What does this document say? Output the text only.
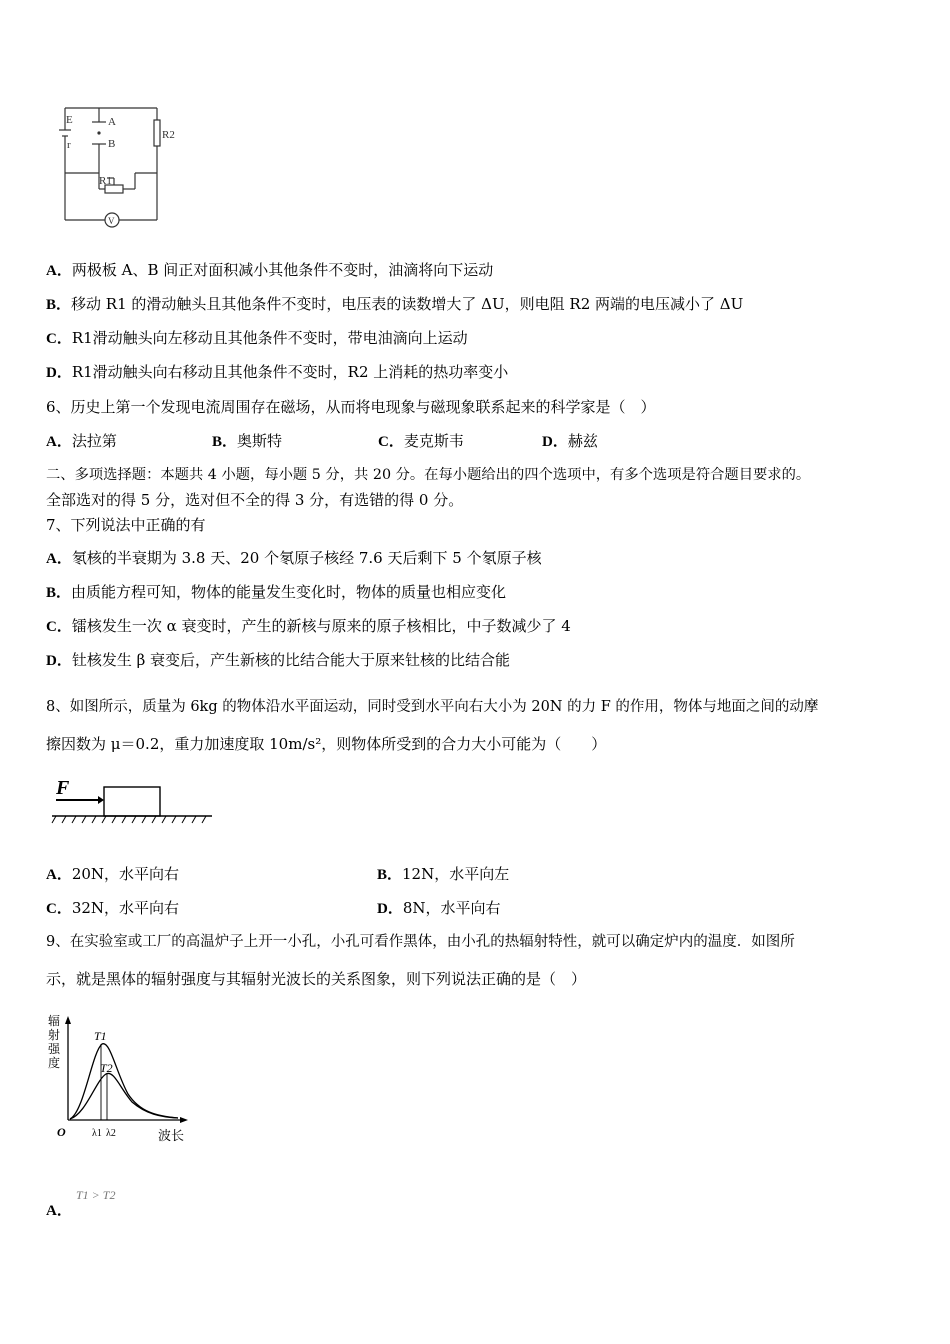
E
r
A
B
R2
R1
V
A．两极板 A、B 间正对面积减小其他条件不变时，油滴将向下运动
B．移动 R1 的滑动触头且其他条件不变时，电压表的读数增大了 ΔU，则电阻 R2 两端的电压减小了 ΔU
C．R1滑动触头向左移动且其他条件不变时，带电油滴向上运动
D．R1滑动触头向右移动且其他条件不变时，R2 上消耗的热功率变小
6、历史上第一个发现电流周围存在磁场，从而将电现象与磁现象联系起来的科学家是（　）
A．法拉第	B．奥斯特	C．麦克斯韦	D．赫兹
二、多项选择题：本题共 4 小题，每小题 5 分，共 20 分。在每小题给出的四个选项中，有多个选项是符合题目要求的。
全部选对的得 5 分，选对但不全的得 3 分，有选错的得 0 分。
7、下列说法中正确的有
A．氡核的半衰期为 3.8 天、20 个氡原子核经 7.6 天后剩下 5 个氡原子核
B．由质能方程可知，物体的能量发生变化时，物体的质量也相应变化
C．镭核发生一次 α 衰变时，产生的新核与原来的原子核相比，中子数减少了 4
D．钍核发生 β 衰变后，产生新核的比结合能大于原来钍核的比结合能
8、如图所示，质量为 6kg 的物体沿水平面运动，同时受到水平向右大小为 20N 的力 F 的作用，物体与地面之间的动摩
擦因数为 μ＝0.2，重力加速度取 10m/s²，则物体所受到的合力大小可能为（　　）
F
A．20N，水平向右	B．12N，水平向左
C．32N，水平向右	D．8N，水平向右
9、在实验室或工厂的高温炉子上开一小孔，小孔可看作黑体，由小孔的热辐射特性，就可以确定炉内的温度．如图所
示，就是黑体的辐射强度与其辐射光波长的关系图象，则下列说法正确的是（　）
辐
射
强
度
T1
T2
O	λ1 λ2	波长
A．
T1 > T2
